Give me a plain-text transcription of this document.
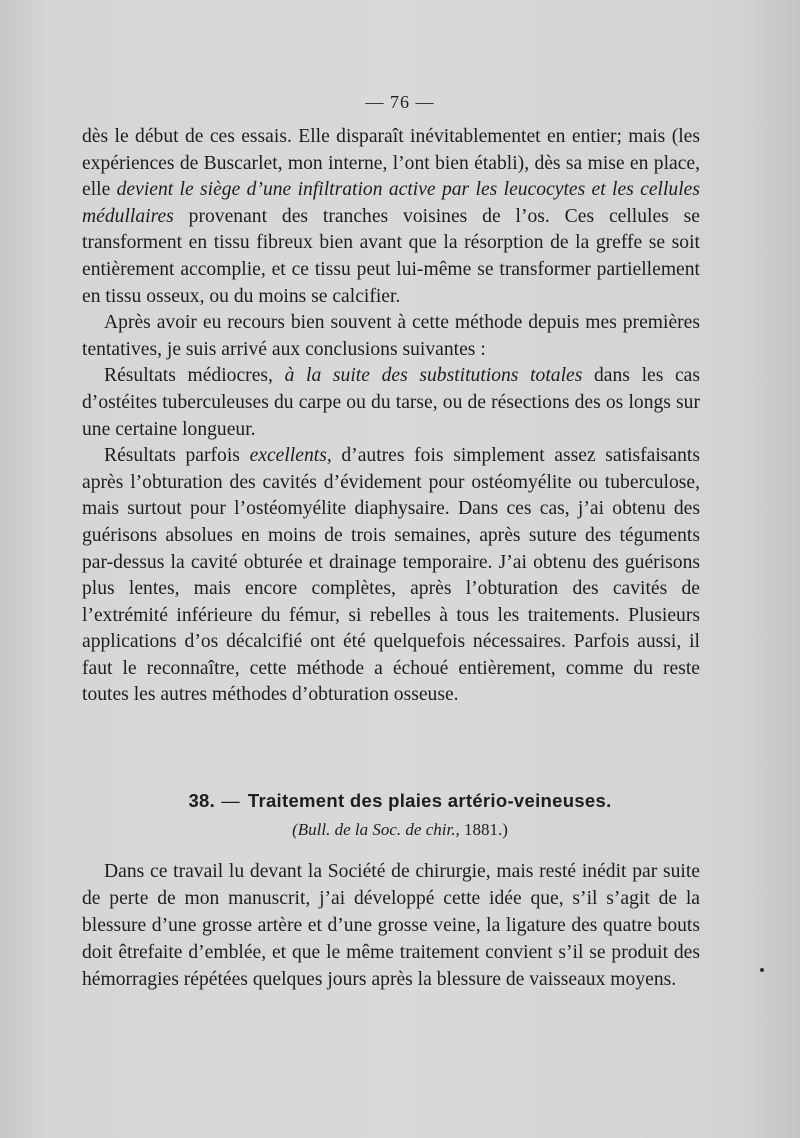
— 76 —

dès le début de ces essais. Elle disparaît inévitablementet en entier; mais (les expériences de Buscarlet, mon interne, l’ont bien établi), dès sa mise en place, elle devient le siège d’une infiltration active par les leucocytes et les cellules médullaires provenant des tranches voisines de l’os. Ces cellules se transforment en tissu fibreux bien avant que la résorption de la greffe se soit entièrement accomplie, et ce tissu peut lui-même se transformer partiellement en tissu osseux, ou du moins se calcifier.

Après avoir eu recours bien souvent à cette méthode depuis mes premières tentatives, je suis arrivé aux conclusions suivantes :

Résultats médiocres, à la suite des substitutions totales dans les cas d’ostéites tuberculeuses du carpe ou du tarse, ou de résections des os longs sur une certaine longueur.

Résultats parfois excellents, d’autres fois simplement assez satisfaisants après l’obturation des cavités d’évidement pour ostéomyélite ou tuberculose, mais surtout pour l’ostéomyélite diaphysaire. Dans ces cas, j’ai obtenu des guérisons absolues en moins de trois semaines, après suture des téguments par-dessus la cavité obturée et drainage temporaire. J’ai obtenu des guérisons plus lentes, mais encore complètes, après l’obturation des cavités de l’extrémité inférieure du fémur, si rebelles à tous les traitements. Plusieurs applications d’os décalcifié ont été quelquefois nécessaires. Parfois aussi, il faut le reconnaître, cette méthode a échoué entièrement, comme du reste toutes les autres méthodes d’obturation osseuse.

38. — Traitement des plaies artério-veineuses.
(Bull. de la Soc. de chir., 1881.)

Dans ce travail lu devant la Société de chirurgie, mais resté inédit par suite de perte de mon manuscrit, j’ai développé cette idée que, s’il s’agit de la blessure d’une grosse artère et d’une grosse veine, la ligature des quatre bouts doit êtrefaite d’emblée, et que le même traitement convient s’il se produit des hémorragies répétées quelques jours après la blessure de vaisseaux moyens.
